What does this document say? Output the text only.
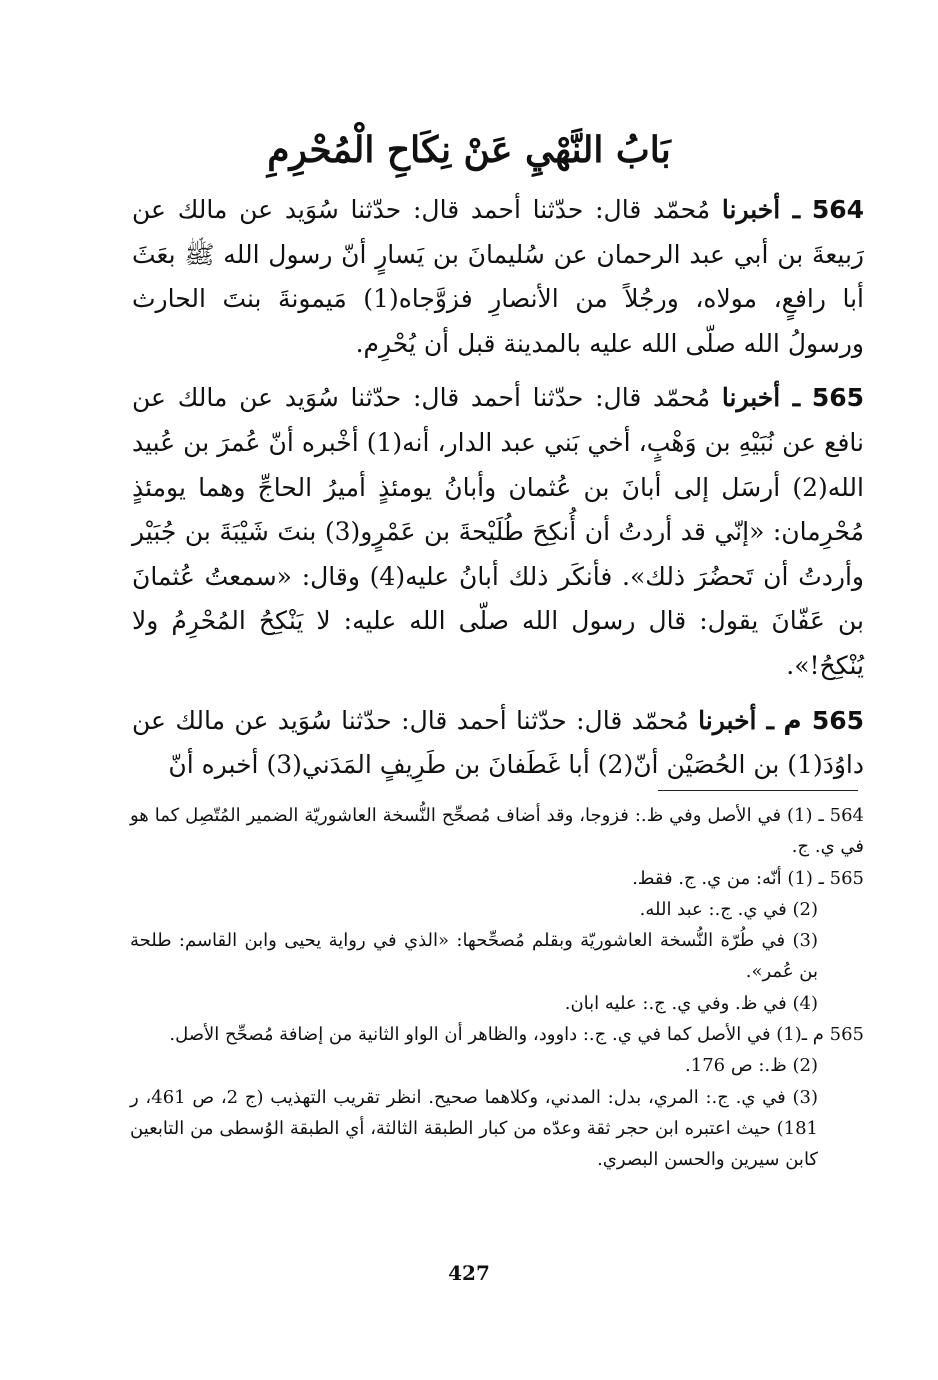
بَابُ النَّهْيِ عَنْ نِكَاحِ الْمُحْرِمِ

564 ـ أخبرنا مُحمّد قال: حدّثنا أحمد قال: حدّثنا سُوَيد عن مالك عن رَبيعةَ بن أبي عبد الرحمان عن سُليمانَ بن يَسارٍ أنّ رسول الله ﷺ بعَثَ أبا رافعٍ، مولاه، ورجُلاً من الأنصارِ فزوَّجاه(1) مَيمونةَ بنتَ الحارث ورسولُ الله صلّى الله عليه بالمدينة قبل أن يُحْرِم.

565 ـ أخبرنا مُحمّد قال: حدّثنا أحمد قال: حدّثنا سُوَيد عن مالك عن نافع عن نُبَيْهِ بن وَهْبٍ، أخي بَني عبد الدار، أنه(1) أخْبره أنّ عُمرَ بن عُبيد الله(2) أرسَل إلى أبانَ بن عُثمان وأبانُ يومئذٍ أميرُ الحاجِّ وهما يومئذٍ مُحْرِمان: «إنّي قد أردتُ أن أُنكِحَ طُلَيْحةَ بن عَمْرٍو(3) بنتَ شَيْبَةَ بن جُبَيْر وأردتُ أن تَحضُرَ ذلك». فأنكَر ذلك أبانُ عليه(4) وقال: «سمعتُ عُثمانَ بن عَفّانَ يقول: قال رسول الله صلّى الله عليه: لا يَنْكِحُ المُحْرِمُ ولا يُنْكِحُ!».

565 م ـ أخبرنا مُحمّد قال: حدّثنا أحمد قال: حدّثنا سُوَيد عن مالك عن داوُدَ(1) بن الحُصَيْن أنّ(2) أبا غَطَفانَ بن طَرِيفٍ المَدَني(3) أخبره أنّ

564 ـ (1) في الأصل وفي ظ.: فزوجا، وقد أضاف مُصحِّح النُّسخة العاشوريّة الضمير المُتّصِل كما هو في ي. ج.

565 ـ (1) أنّه: من ي. ج. فقط.

(2) في ي. ج.: عبد الله.

(3) في طُرّة النُّسخة العاشوريّة وبقلم مُصحِّحها: «الذي في رواية يحيى وابن القاسم: طلحة بن عُمر».

(4) في ظ. وفي ي. ج.: عليه ابان.

565 م ـ(1) في الأصل كما في ي. ج.: داوود، والظاهر أن الواو الثانية من إضافة مُصحِّح الأصل.

(2) ظ.: ص 176.

(3) في ي. ج.: المري، بدل: المدني، وكلاهما صحيح. انظر تقريب التهذيب (ج 2، ص 461، ر 181) حيث اعتبره ابن حجر ثقة وعدّه من كبار الطبقة الثالثة، أي الطبقة الوُسطى من التابعين كابن سيرين والحسن البصري.

427
